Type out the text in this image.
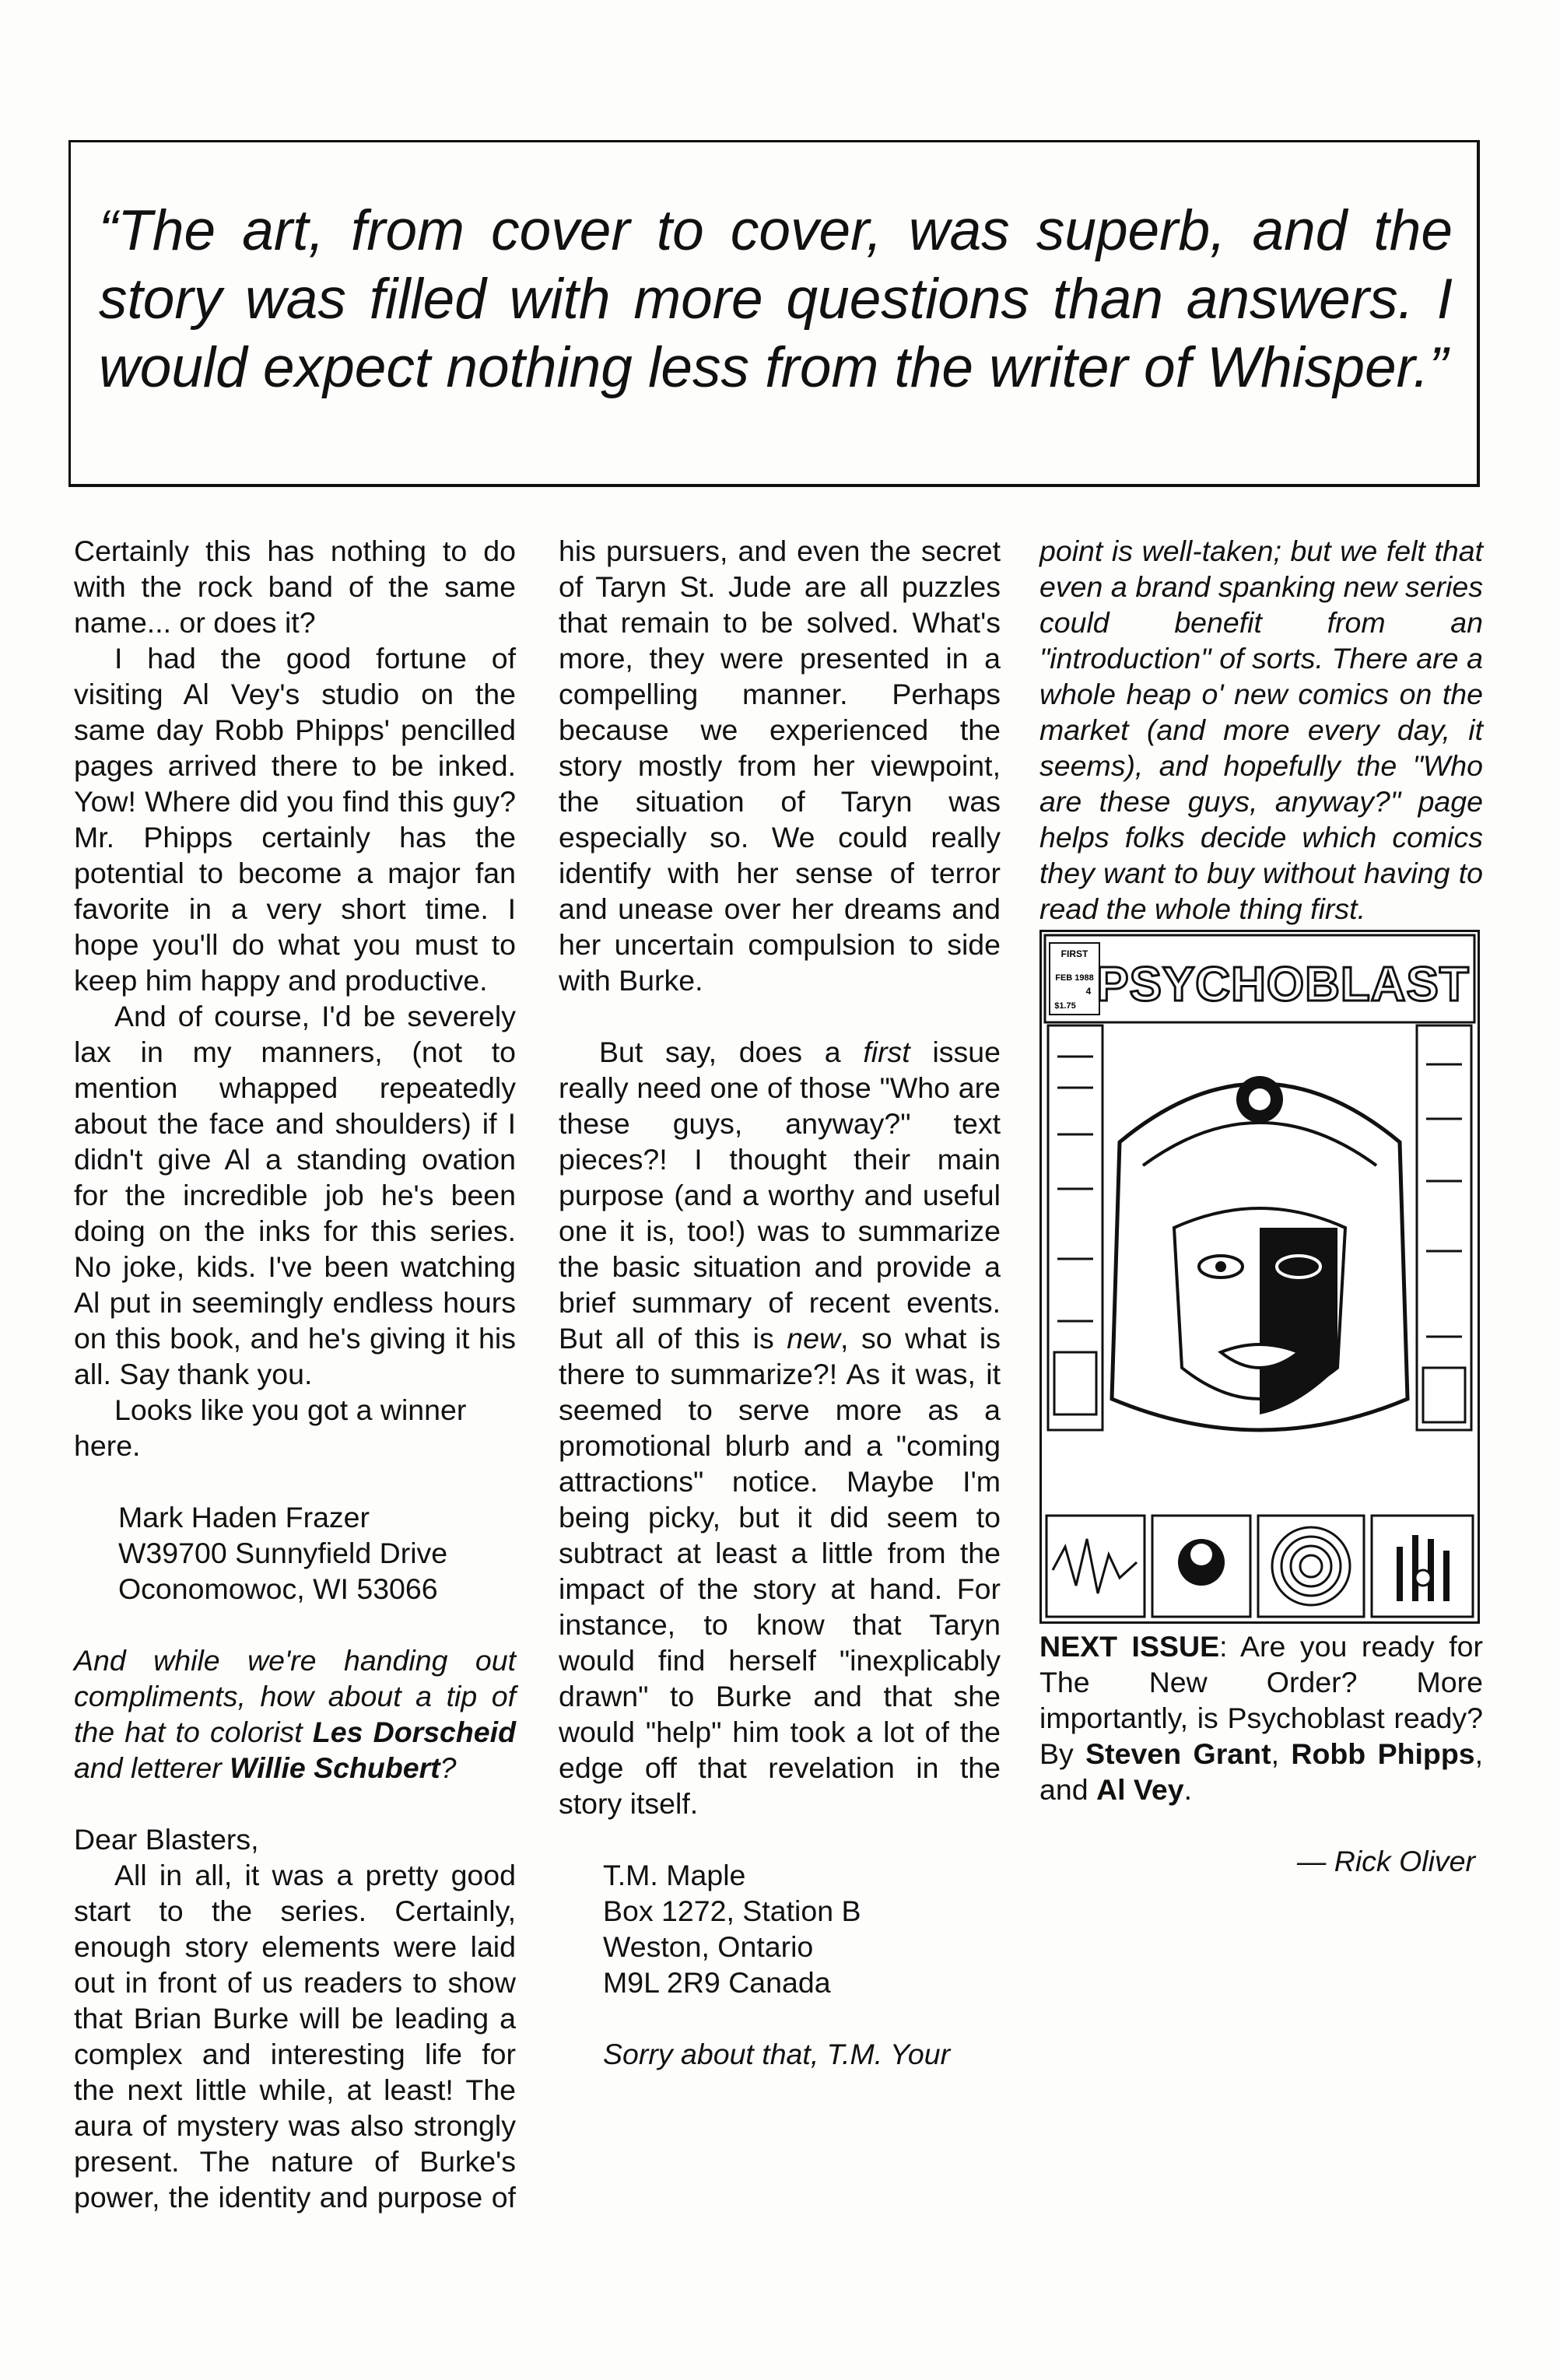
“The art, from cover to cover, was superb, and the story was filled with more questions than answers. I would expect nothing less from the writer of Whisper.”

Certainly this has nothing to do with the rock band of the same name... or does it?

I had the good fortune of visiting Al Vey's studio on the same day Robb Phipps' pencilled pages arrived there to be inked. Yow! Where did you find this guy? Mr. Phipps certainly has the potential to become a major fan favorite in a very short time. I hope you'll do what you must to keep him happy and productive.

And of course, I'd be severely lax in my manners, (not to mention whapped repeatedly about the face and shoulders) if I didn't give Al a standing ovation for the incredible job he's been doing on the inks for this series. No joke, kids. I've been watching Al put in seemingly endless hours on this book, and he's giving it his all. Say thank you.

Looks like you got a winner here.

Mark Haden Frazer

W39700 Sunnyfield Drive

Oconomowoc, WI 53066

And while we're handing out compliments, how about a tip of the hat to colorist Les Dorscheid and letterer Willie Schubert?

Dear Blasters,

All in all, it was a pretty good start to the series. Certainly, enough story elements were laid out in front of us readers to show that Brian Burke will be leading a complex and interesting life for the next little while, at least! The aura of mystery was also strongly present. The nature of Burke's power, the identity and purpose of

his pursuers, and even the secret of Taryn St. Jude are all puzzles that remain to be solved. What's more, they were presented in a compelling manner. Perhaps because we experienced the story mostly from her viewpoint, the situation of Taryn was especially so. We could really identify with her sense of terror and unease over her dreams and her uncertain compulsion to side with Burke.

But say, does a first issue really need one of those "Who are these guys, anyway?" text pieces?! I thought their main purpose (and a worthy and useful one it is, too!) was to summarize the basic situation and provide a brief summary of recent events. But all of this is new, so what is there to summarize?! As it was, it seemed to serve more as a promotional blurb and a "coming attractions" notice. Maybe I'm being picky, but it did seem to subtract at least a little from the impact of the story at hand. For instance, to know that Taryn would find herself "inexplicably drawn" to Burke and that she would "help" him took a lot of the edge off that revelation in the story itself.

T.M. Maple

Box 1272, Station B

Weston, Ontario

M9L 2R9 Canada

Sorry about that, T.M. Your

point is well-taken; but we felt that even a brand spanking new series could benefit from an "introduction" of sorts. There are a whole heap o' new comics on the market (and more every day, it seems), and hopefully the "Who are these guys, anyway?" page helps folks decide which comics they want to buy without having to read the whole thing first.

FIRST
FEB 1988
4
$1.75 PSYCHOBLAST

NEXT ISSUE: Are you ready for The New Order? More importantly, is Psychoblast ready? By Steven Grant, Robb Phipps, and Al Vey.

— Rick Oliver
